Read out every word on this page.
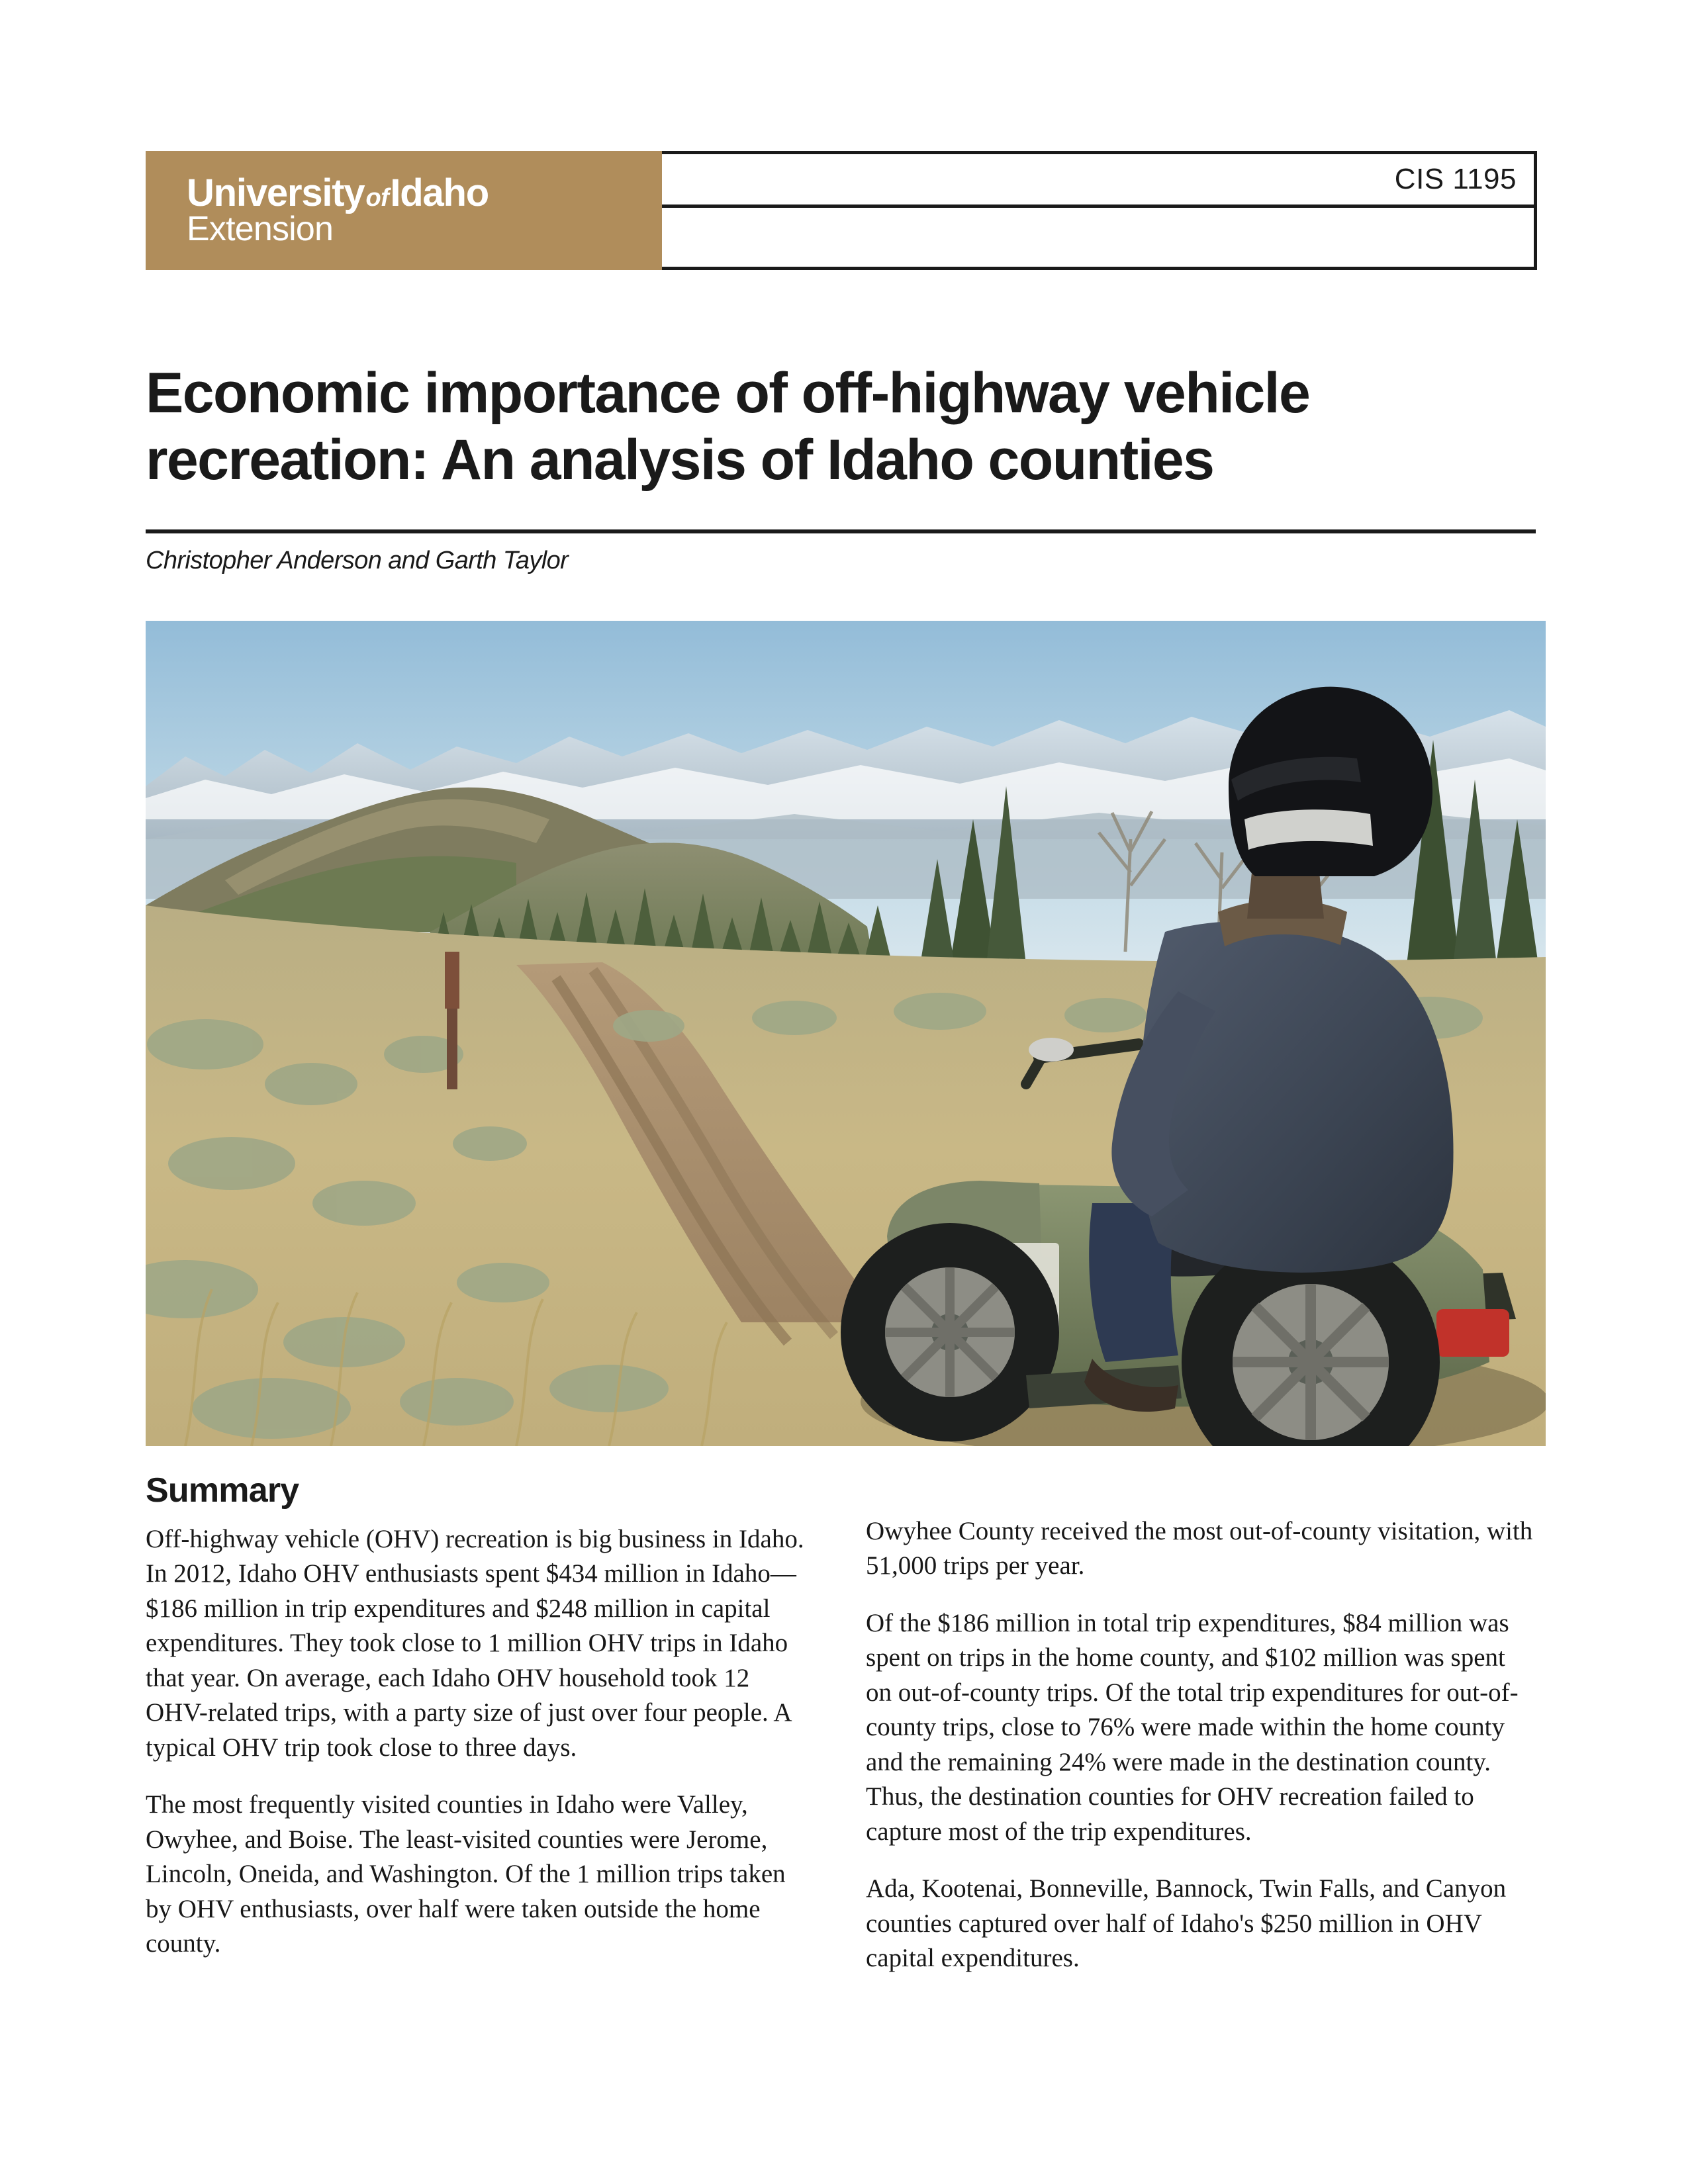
UniversityofIdaho
Extension
CIS 1195
Economic importance of off-highway vehicle
recreation: An analysis of Idaho counties
Christopher Anderson and Garth Taylor
Summary

Off-highway vehicle (OHV) recreation is big business in Idaho. In 2012, Idaho OHV enthusiasts spent $434 million in Idaho—$186 million in trip expenditures and $248 million in capital expenditures. They took close to 1 million OHV trips in Idaho that year. On average, each Idaho OHV household took 12 OHV-related trips, with a party size of just over four people. A typical OHV trip took close to three days.

The most frequently visited counties in Idaho were Valley, Owyhee, and Boise. The least-visited counties were Jerome, Lincoln, Oneida, and Washington. Of the 1 million trips taken by OHV enthusiasts, over half were taken outside the home county.

Owyhee County received the most out-of-county visitation, with 51,000 trips per year.

Of the $186 million in total trip expenditures, $84 million was spent on trips in the home county, and $102 million was spent on out-of-county trips. Of the total trip expenditures for out-of-county trips, close to 76% were made within the home county and the remaining 24% were made in the destination county. Thus, the destination counties for OHV recreation failed to capture most of the trip expenditures.

Ada, Kootenai, Bonneville, Bannock, Twin Falls, and Canyon counties captured over half of Idaho's $250 million in OHV capital expenditures.
